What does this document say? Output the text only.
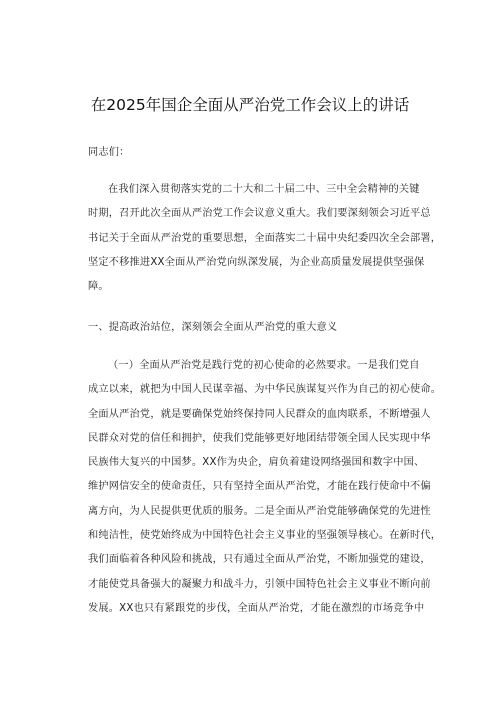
在2025年国企全面从严治党工作会议上的讲话
同志们：
在我们深入贯彻落实党的二十大和二十届二中、三中全会精神的关键
时期，召开此次全面从严治党工作会议意义重大。我们要深刻领会习近平总
书记关于全面从严治党的重要思想，全面落实二十届中央纪委四次全会部署，
坚定不移推进XX全面从严治党向纵深发展，为企业高质量发展提供坚强保
障。
一、提高政治站位，深刻领会全面从严治党的重大意义
（一）全面从严治党是践行党的初心使命的必然要求。一是我们党自
成立以来，就把为中国人民谋幸福、为中华民族谋复兴作为自己的初心使命。
全面从严治党，就是要确保党始终保持同人民群众的血肉联系，不断增强人
民群众对党的信任和拥护，使我们党能够更好地团结带领全国人民实现中华
民族伟大复兴的中国梦。XX作为央企，肩负着建设网络强国和数字中国、
维护网信安全的使命责任，只有坚持全面从严治党，才能在践行使命中不偏
离方向，为人民提供更优质的服务。二是全面从严治党能够确保党的先进性
和纯洁性，使党始终成为中国特色社会主义事业的坚强领导核心。在新时代，
我们面临着各种风险和挑战，只有通过全面从严治党，不断加强党的建设，
才能使党具备强大的凝聚力和战斗力，引领中国特色社会主义事业不断向前
发展。XX也只有紧跟党的步伐，全面从严治党，才能在激烈的市场竞争中
